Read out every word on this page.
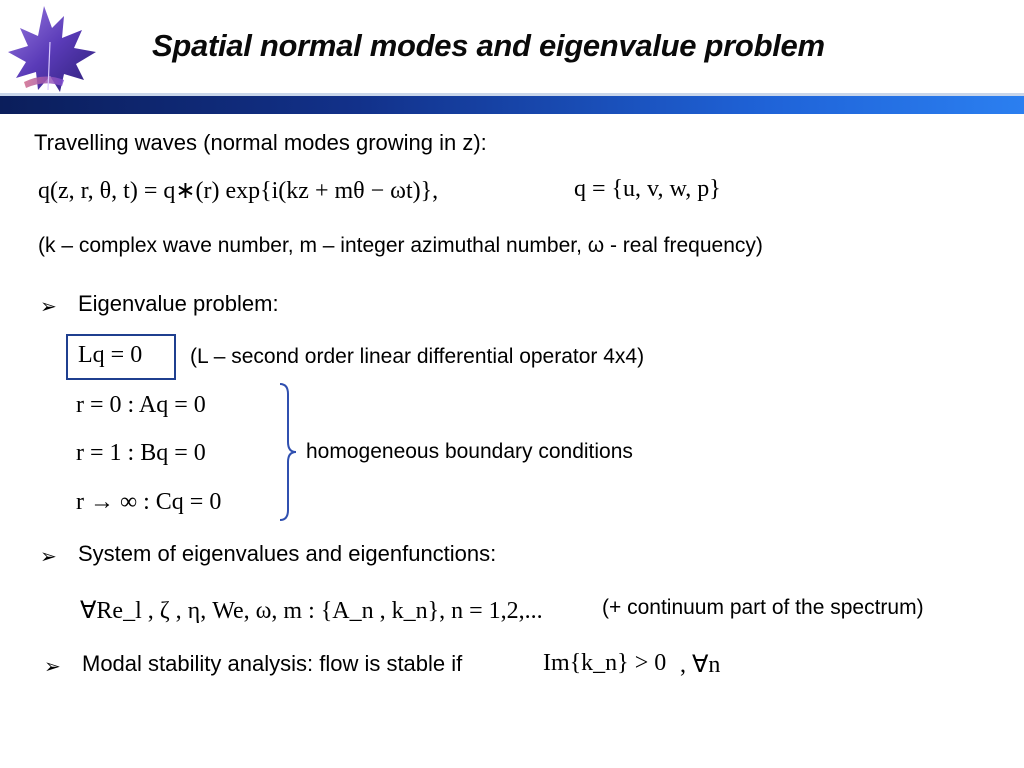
Spatial normal modes and eigenvalue problem
Travelling waves (normal modes growing in z):
q(z, r, θ, t) = q∗(r) exp{i(kz + mθ − ωt)},	q = {u, v, w, p}
(k – complex wave number, m – integer azimuthal number, ω - real frequency)
➢ Eigenvalue problem:
Lq = 0 (L – second order linear differential operator 4x4)
r = 0 : Aq = 0
r = 1 : Bq = 0
r → ∞ : Cq = 0
homogeneous boundary conditions
➢ System of eigenvalues and eigenfunctions:
∀Re_l , ζ , η, We, ω, m : {A_n , k_n}, n = 1,2,...	(+ continuum part of the spectrum)
➢ Modal stability analysis: flow is stable if	Im{k_n} > 0 , ∀n
